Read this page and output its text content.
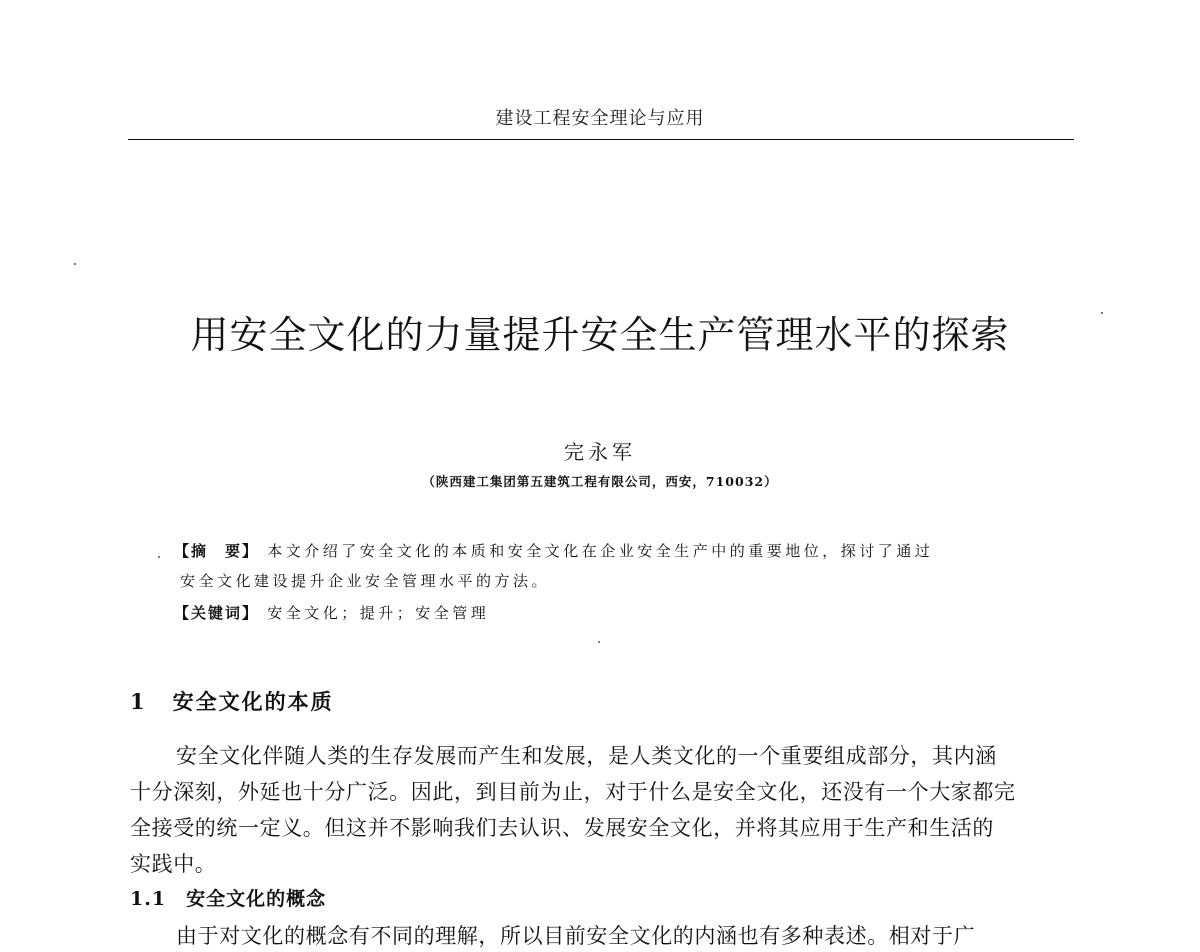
建设工程安全理论与应用
用安全文化的力量提升安全生产管理水平的探索
完永军
（陕西建工集团第五建筑工程有限公司，西安，710032）
【摘　要】 本文介绍了安全文化的本质和安全文化在企业安全生产中的重要地位，探讨了通过
安全文化建设提升企业安全管理水平的方法。
【关键词】 安全文化；提升；安全管理
1 安全文化的本质
安全文化伴随人类的生存发展而产生和发展，是人类文化的一个重要组成部分，其内涵
十分深刻，外延也十分广泛。因此，到目前为止，对于什么是安全文化，还没有一个大家都完
全接受的统一定义。但这并不影响我们去认识、发展安全文化，并将其应用于生产和生活的
实践中。
1.1 安全文化的概念
由于对文化的概念有不同的理解，所以目前安全文化的内涵也有多种表述。相对于广
